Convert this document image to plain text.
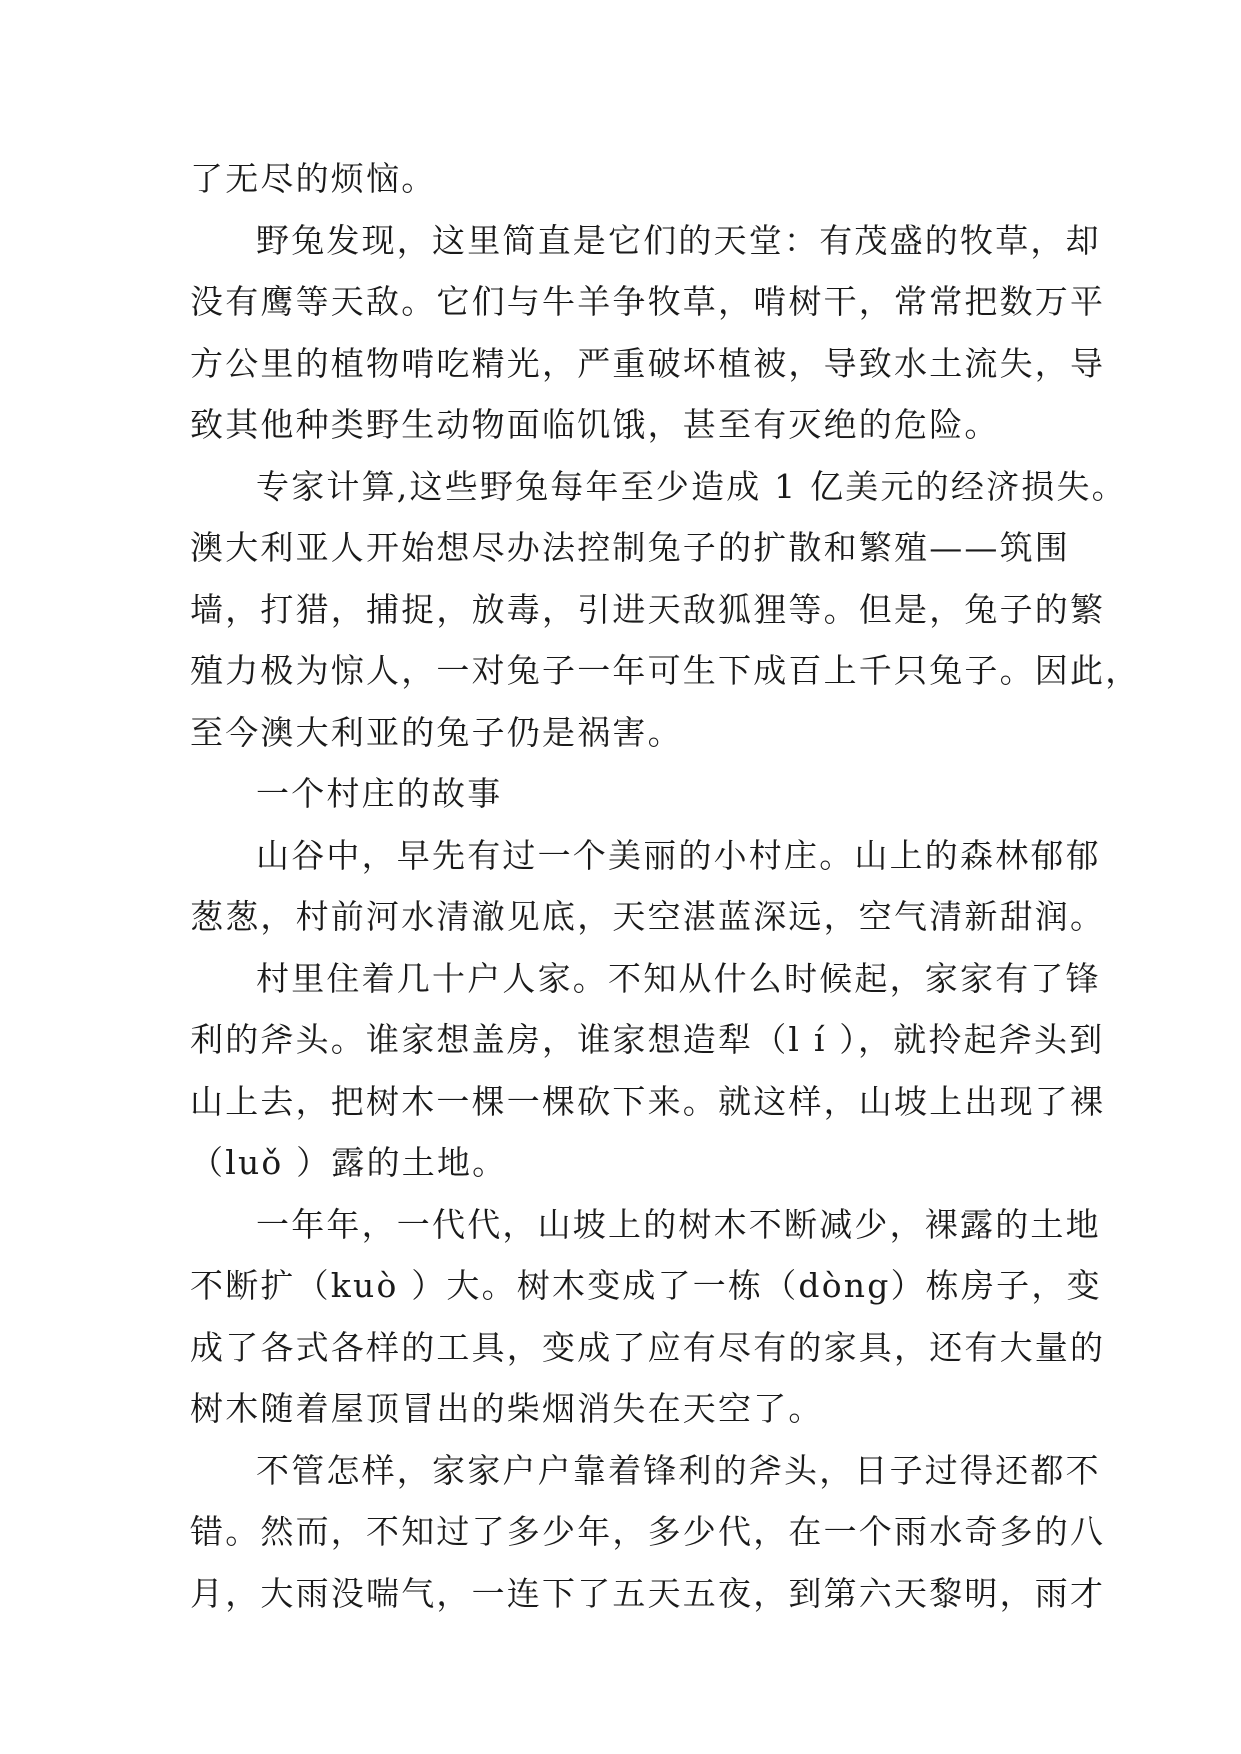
了无尽的烦恼。
野兔发现，这里简直是它们的天堂：有茂盛的牧草，却
没有鹰等天敌。它们与牛羊争牧草，啃树干，常常把数万平
方公里的植物啃吃精光，严重破坏植被，导致水土流失，导
致其他种类野生动物面临饥饿，甚至有灭绝的危险。
专家计算,这些野兔每年至少造成 1 亿美元的经济损失。
澳大利亚人开始想尽办法控制兔子的扩散和繁殖——筑围
墙，打猎，捕捉，放毒，引进天敌狐狸等。但是，兔子的繁
殖力极为惊人，一对兔子一年可生下成百上千只兔子。因此，
至今澳大利亚的兔子仍是祸害。
一个村庄的故事
山谷中，早先有过一个美丽的小村庄。山上的森林郁郁
葱葱，村前河水清澈见底，天空湛蓝深远，空气清新甜润。
村里住着几十户人家。不知从什么时候起，家家有了锋
利的斧头。谁家想盖房，谁家想造犁（l í ），就拎起斧头到
山上去，把树木一棵一棵砍下来。就这样，山坡上出现了裸
（luǒ ）露的土地。
一年年，一代代，山坡上的树木不断减少，裸露的土地
不断扩（kuò ）大。树木变成了一栋（dòng）栋房子，变
成了各式各样的工具，变成了应有尽有的家具，还有大量的
树木随着屋顶冒出的柴烟消失在天空了。
不管怎样，家家户户靠着锋利的斧头，日子过得还都不
错。然而，不知过了多少年，多少代，在一个雨水奇多的八
月，大雨没喘气，一连下了五天五夜，到第六天黎明，雨才
